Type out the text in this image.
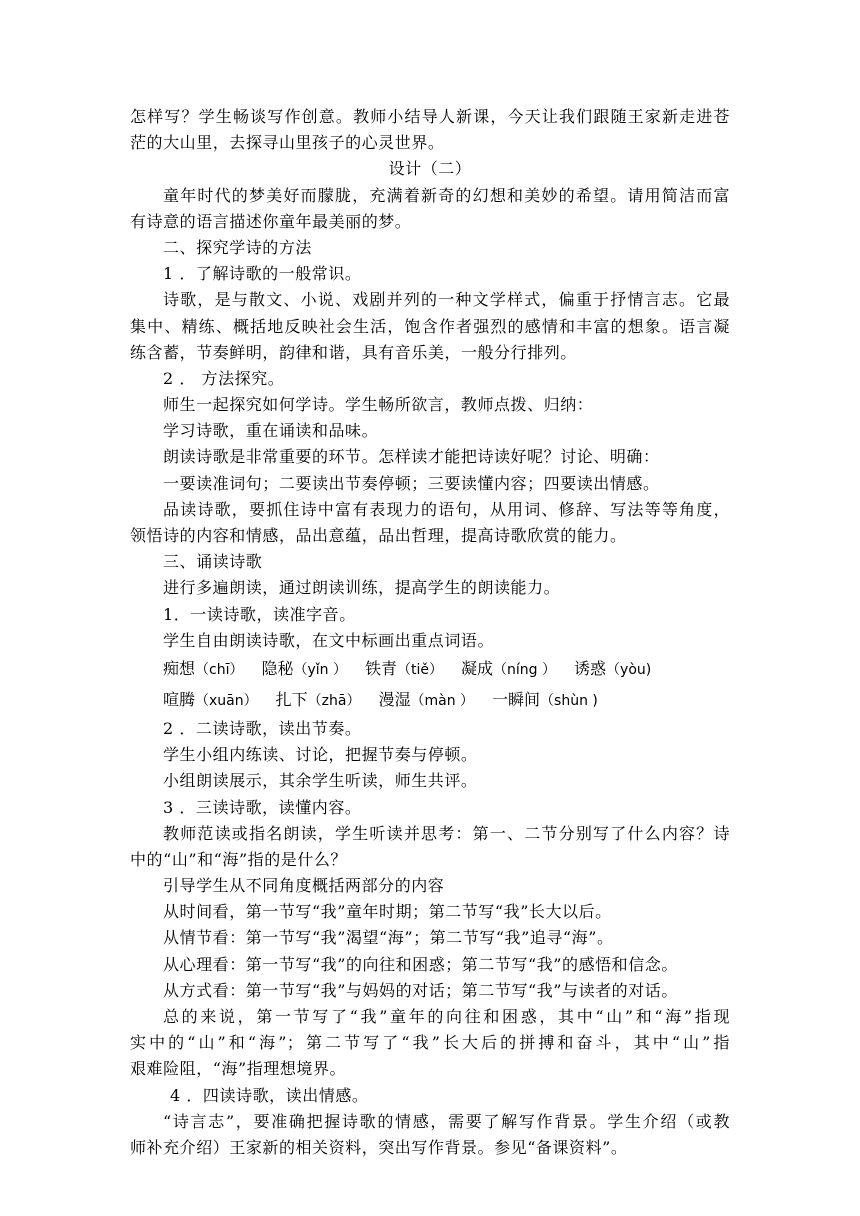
怎样写？学生畅谈写作创意。教师小结导人新课，今天让我们跟随王家新走进苍
茫的大山里，去探寻山里孩子的心灵世界。
设计（二）
童年时代的梦美好而朦胧，充满着新奇的幻想和美妙的希望。请用简洁而富
有诗意的语言描述你童年最美丽的梦。
二、探究学诗的方法
1 ．了解诗歌的一般常识。
诗歌，是与散文、小说、戏剧并列的一种文学样式，偏重于抒情言志。它最
集中、精练、概括地反映社会生活，饱含作者强烈的感情和丰富的想象。语言凝
练含蓄，节奏鲜明，韵律和谐，具有音乐美，一般分行排列。
2 ． 方法探究。
师生一起探究如何学诗。学生畅所欲言，教师点拨、归纳：
学习诗歌，重在诵读和品味。
朗读诗歌是非常重要的环节。怎样读才能把诗读好呢？讨论、明确：
一要读准词句；二要读出节奏停顿；三要读懂内容；四要读出情感。
品读诗歌，要抓住诗中富有表现力的语句，从用词、修辞、写法等等角度，
领悟诗的内容和情感，品出意蕴，品出哲理，提高诗歌欣赏的能力。
三、诵读诗歌
进行多遍朗读，通过朗读训练，提高学生的朗读能力。
1．一读诗歌，读准字音。
学生自由朗读诗歌，在文中标画出重点词语。
痴想（chī） 隐秘（yǐn ） 铁青（tiě） 凝成（níng ） 诱惑（yòu)
喧腾（xuān） 扎下（zhā） 漫湿（màn ） 一瞬间（shùn )
2 ．二读诗歌，读出节奏。
学生小组内练读、讨论，把握节奏与停顿。
小组朗读展示，其余学生听读，师生共评。
3 ．三读诗歌，读懂内容。
教师范读或指名朗读，学生听读并思考：第一、二节分别写了什么内容？诗
中的“山”和“海”指的是什么？
引导学生从不同角度概括两部分的内容
从时间看，第一节写“我”童年时期；第二节写“我”长大以后。
从情节看：第一节写“我”渴望“海”；第二节写“我”追寻“海”。
从心理看：第一节写“我”的向往和困惑；第二节写“我”的感悟和信念。
从方式看：第一节写“我”与妈妈的对话；第二节写“我”与读者的对话。
总的来说，第一节写了“我”童年的向往和困惑，其中“山”和“海”指现
实中的“山”和“海”；第二节写了“我”长大后的拼搏和奋斗，其中“山”指
艰难险阻，“海”指理想境界。
4 ．四读诗歌，读出情感。
“诗言志”，要准确把握诗歌的情感，需要了解写作背景。学生介绍（或教
师补充介绍）王家新的相关资料，突出写作背景。参见“备课资料”。
